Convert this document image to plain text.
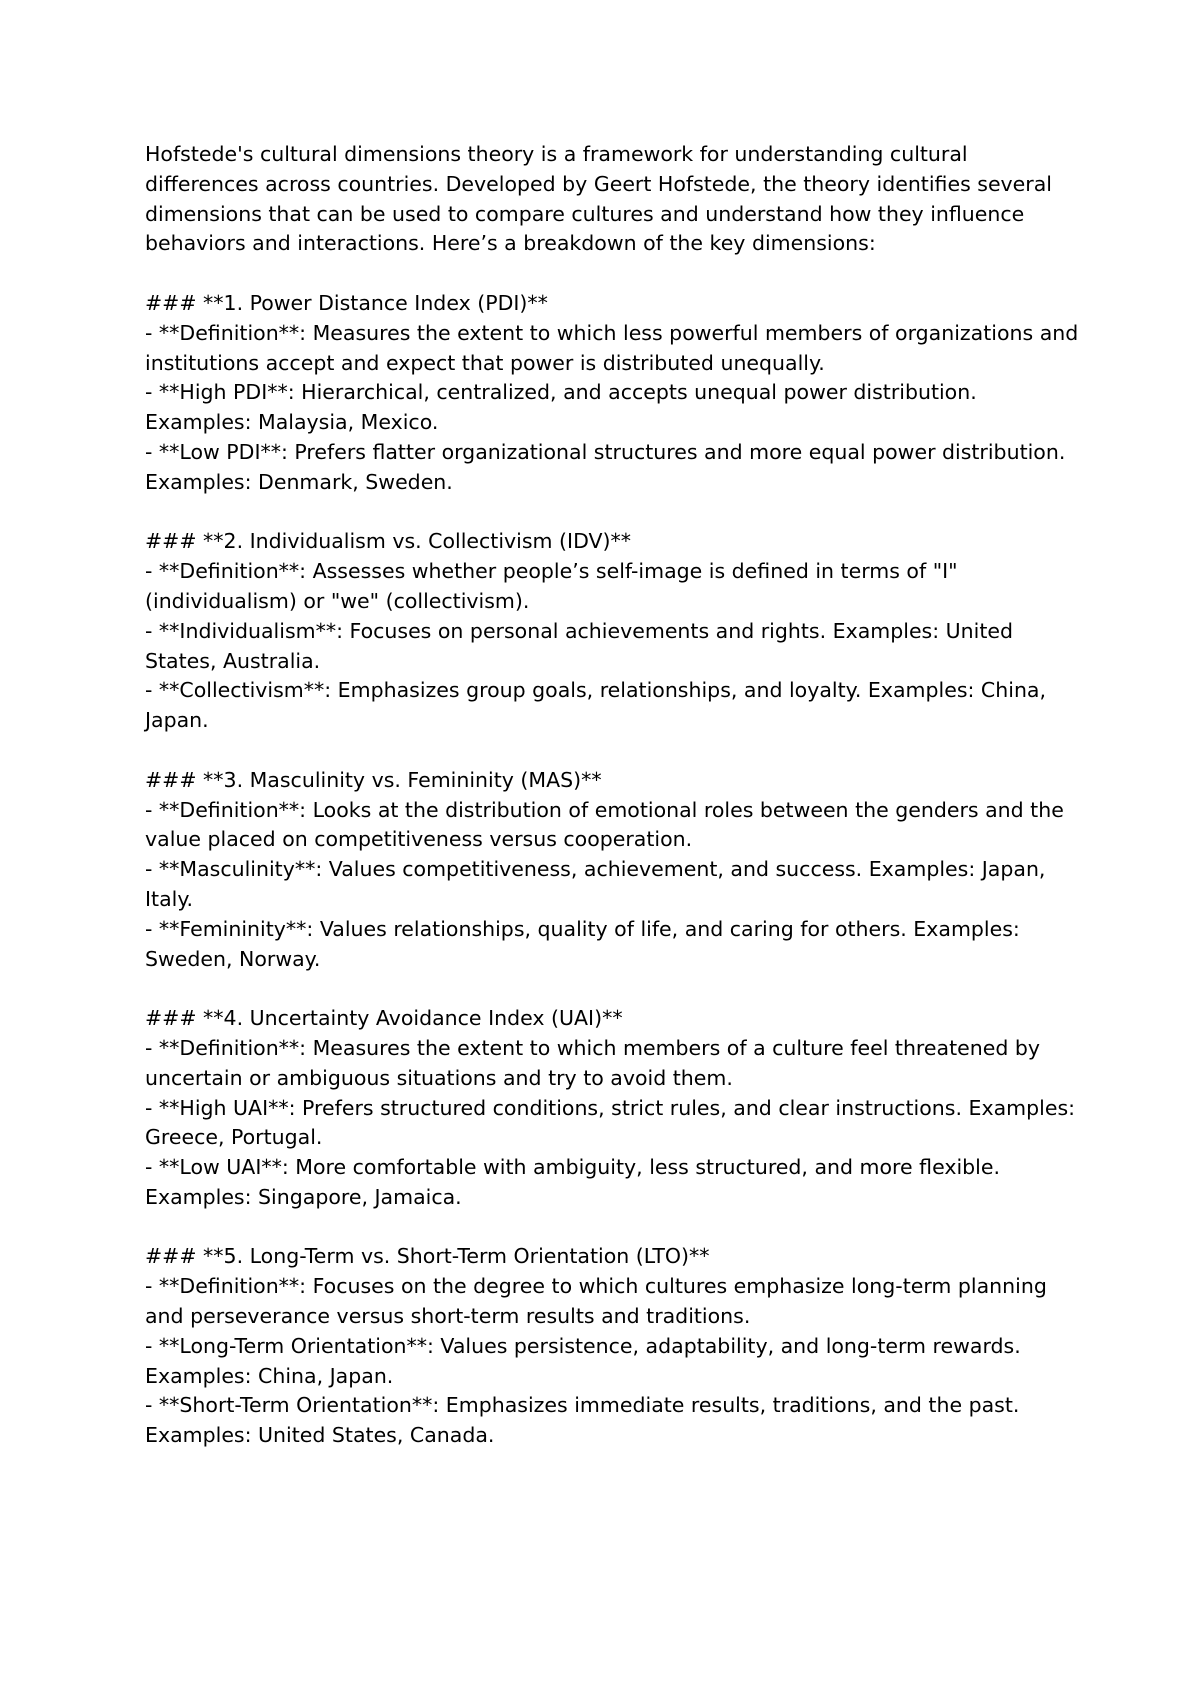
Hofstede's cultural dimensions theory is a framework for understanding cultural differences across countries. Developed by Geert Hofstede, the theory identifies several dimensions that can be used to compare cultures and understand how they influence behaviors and interactions. Here’s a breakdown of the key dimensions:

### **1. Power Distance Index (PDI)**
- **Definition**: Measures the extent to which less powerful members of organizations and institutions accept and expect that power is distributed unequally.
- **High PDI**: Hierarchical, centralized, and accepts unequal power distribution. Examples: Malaysia, Mexico.
- **Low PDI**: Prefers flatter organizational structures and more equal power distribution. Examples: Denmark, Sweden.
### **2. Individualism vs. Collectivism (IDV)**
- **Definition**: Assesses whether people’s self-image is defined in terms of "I" (individualism) or "we" (collectivism).
- **Individualism**: Focuses on personal achievements and rights. Examples: United States, Australia.
- **Collectivism**: Emphasizes group goals, relationships, and loyalty. Examples: China, Japan.
### **3. Masculinity vs. Femininity (MAS)**
- **Definition**: Looks at the distribution of emotional roles between the genders and the value placed on competitiveness versus cooperation.
- **Masculinity**: Values competitiveness, achievement, and success. Examples: Japan, Italy.
- **Femininity**: Values relationships, quality of life, and caring for others. Examples: Sweden, Norway.
### **4. Uncertainty Avoidance Index (UAI)**
- **Definition**: Measures the extent to which members of a culture feel threatened by uncertain or ambiguous situations and try to avoid them.
- **High UAI**: Prefers structured conditions, strict rules, and clear instructions. Examples: Greece, Portugal.
- **Low UAI**: More comfortable with ambiguity, less structured, and more flexible. Examples: Singapore, Jamaica.
### **5. Long-Term vs. Short-Term Orientation (LTO)**
- **Definition**: Focuses on the degree to which cultures emphasize long-term planning and perseverance versus short-term results and traditions.
- **Long-Term Orientation**: Values persistence, adaptability, and long-term rewards. Examples: China, Japan.
- **Short-Term Orientation**: Emphasizes immediate results, traditions, and the past. Examples: United States, Canada.
